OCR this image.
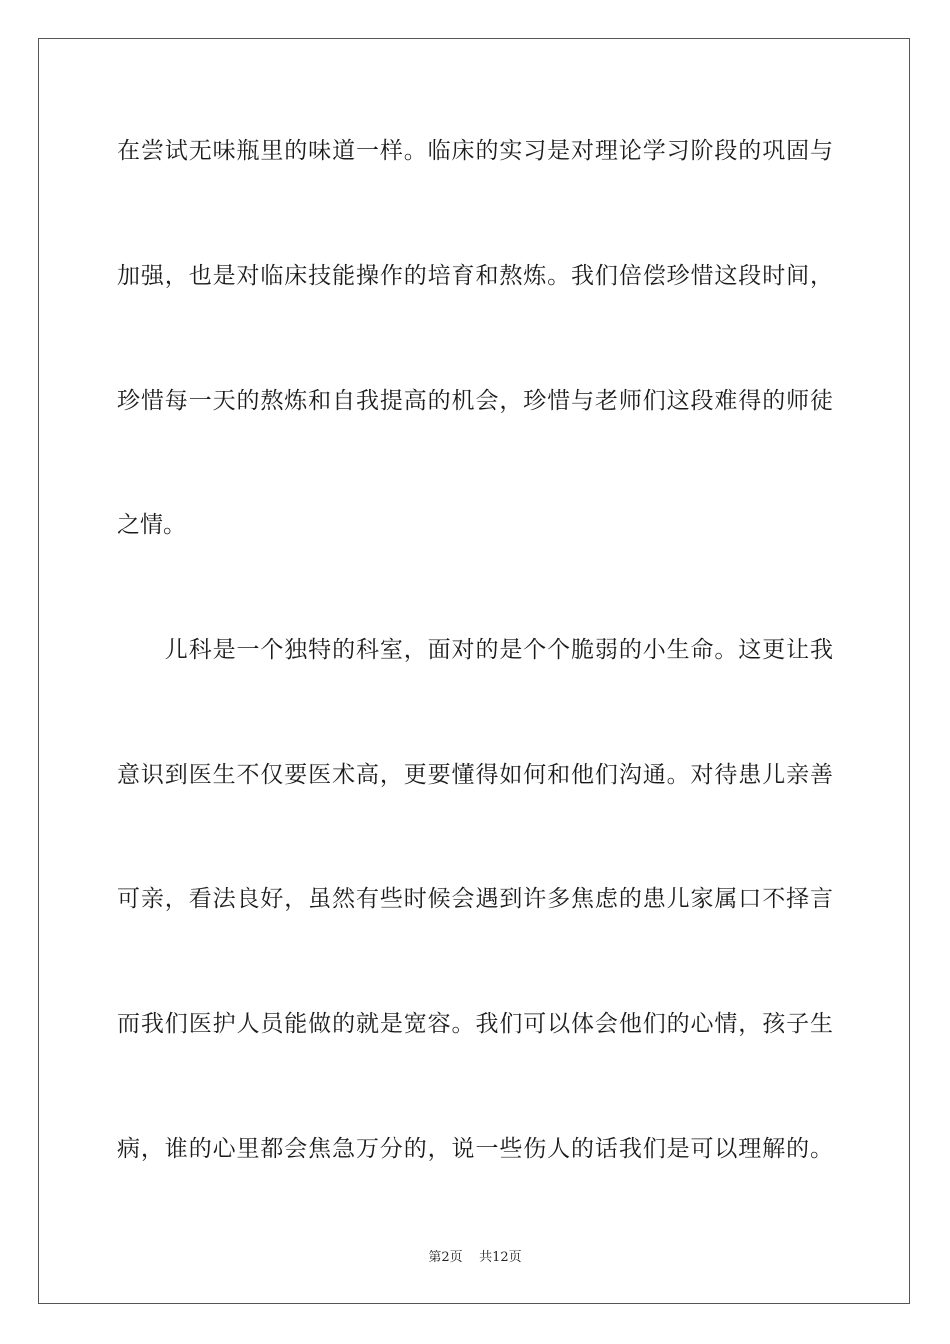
在尝试无味瓶里的味道一样。临床的实习是对理论学习阶段的巩固与
加强，也是对临床技能操作的培育和熬炼。我们倍偿珍惜这段时间，
珍惜每一天的熬炼和自我提高的机会，珍惜与老师们这段难得的师徒
之情。
　　儿科是一个独特的科室，面对的是个个脆弱的小生命。这更让我
意识到医生不仅要医术高，更要懂得如何和他们沟通。对待患儿亲善
可亲，看法良好，虽然有些时候会遇到许多焦虑的患儿家属口不择言
而我们医护人员能做的就是宽容。我们可以体会他们的心情，孩子生
病，谁的心里都会焦急万分的，说一些伤人的话我们是可以理解的。
第2页 共12页
